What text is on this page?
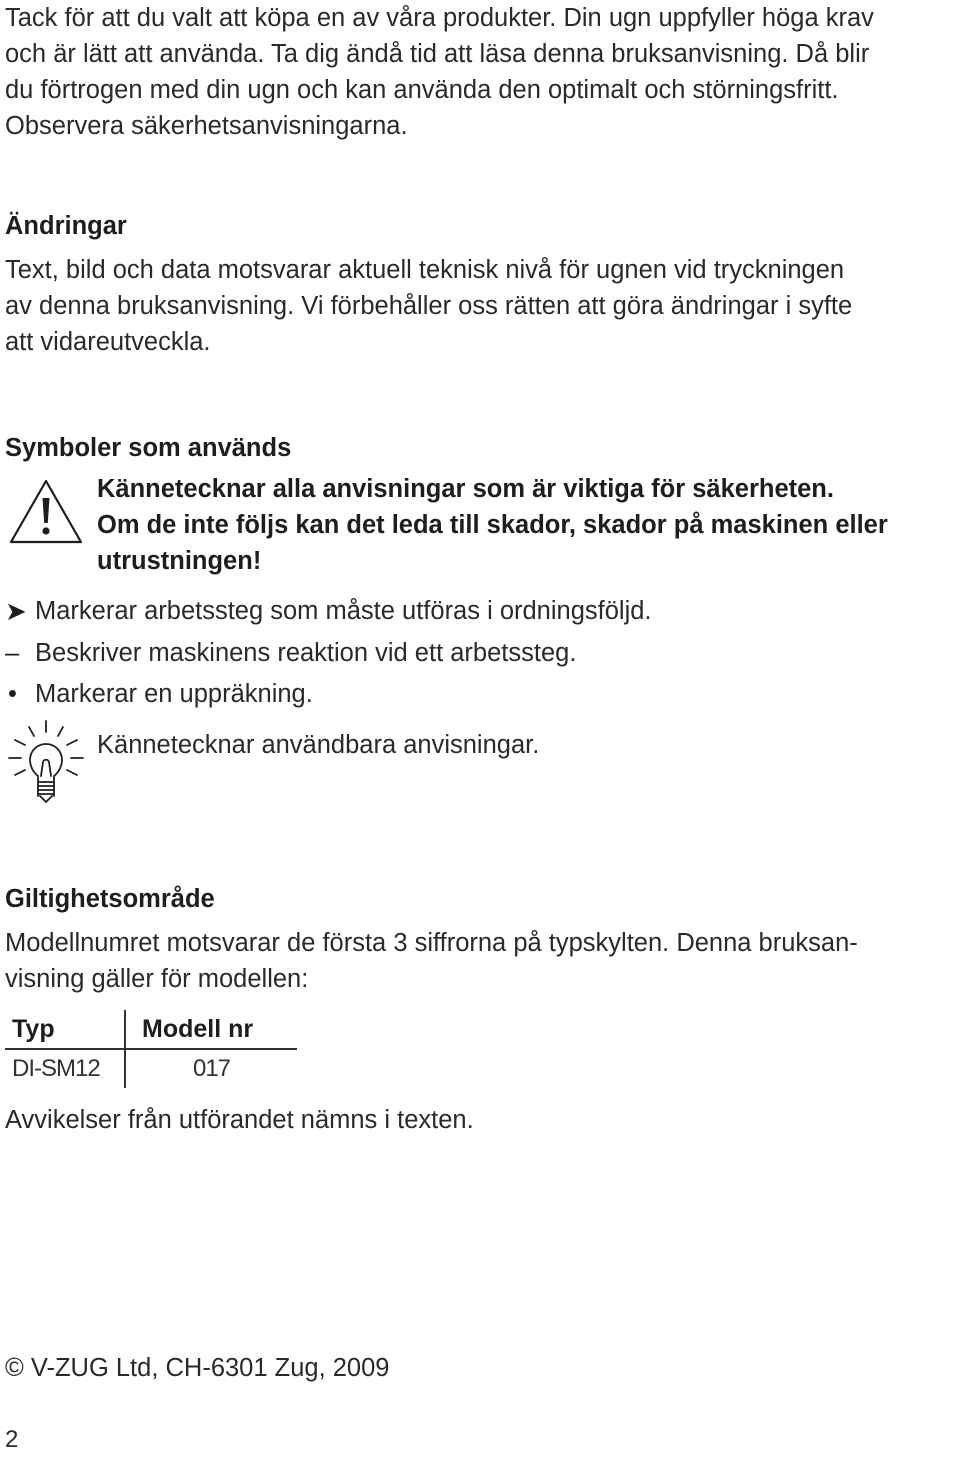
Tack för att du valt att köpa en av våra produkter. Din ugn uppfyller höga krav

och är lätt att använda. Ta dig ändå tid att läsa denna bruksanvisning. Då blir

du förtrogen med din ugn och kan använda den optimalt och störningsfritt.

Observera säkerhetsanvisningarna.

Ändringar

Text, bild och data motsvarar aktuell teknisk nivå för ugnen vid tryckningen

av denna bruksanvisning. Vi förbehåller oss rätten att göra ändringar i syfte

att vidareutveckla.

Symboler som används

Kännetecknar alla anvisningar som är viktiga för säkerheten.

Om de inte följs kan det leda till skador, skador på maskinen eller

utrustningen!

➤ Markerar arbetssteg som måste utföras i ordningsföljd.
– Beskriver maskinens reaktion vid ett arbetssteg.
• Markerar en uppräkning.
Kännetecknar användbara anvisningar.
Giltighetsområde

Modellnumret motsvarar de första 3 siffrorna på typskylten. Denna bruksan-

visning gäller för modellen:

Typ	Modell nr
DI-SM12	017

Avvikelser från utförandet nämns i texten.

© V-ZUG Ltd, CH-6301 Zug, 2009

2
